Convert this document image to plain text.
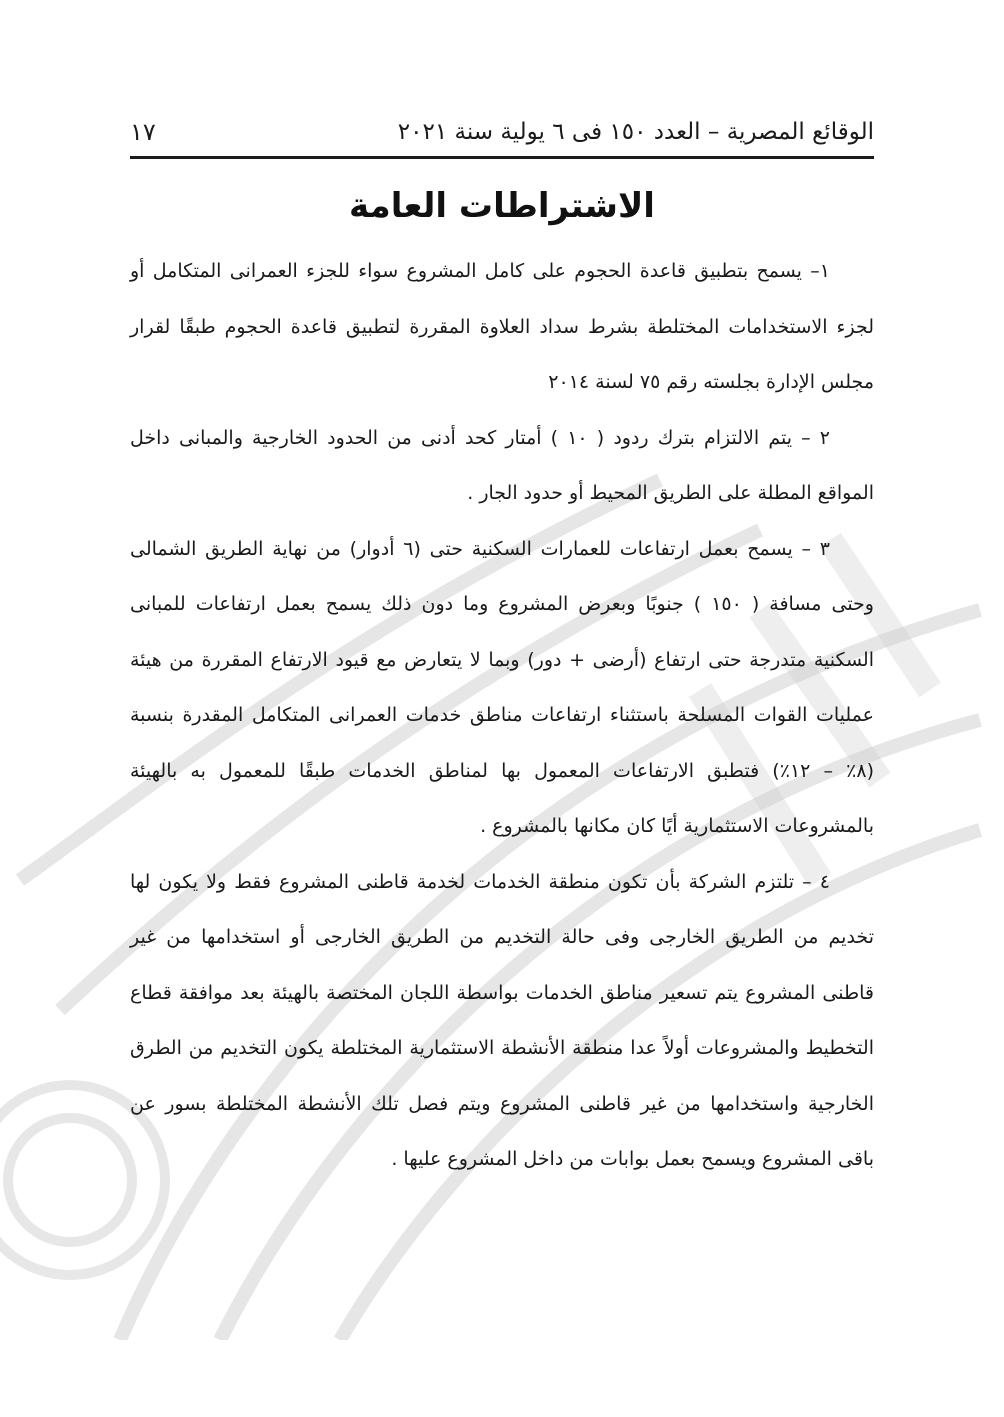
الوقائع المصرية – العدد ١٥٠ فى ٦ يولية سنة ٢٠٢١
١٧
الاشتراطات العامة

١– يسمح بتطبيق قاعدة الحجوم على كامل المشروع سواء للجزء العمرانى المتكامل أو لجزء الاستخدامات المختلطة بشرط سداد العلاوة المقررة لتطبيق قاعدة الحجوم طبقًا لقرار مجلس الإدارة بجلسته رقم ٧٥ لسنة ٢٠١٤

٢ – يتم الالتزام بترك ردود ( ١٠ ) أمتار كحد أدنى من الحدود الخارجية والمبانى داخل المواقع المطلة على الطريق المحيط أو حدود الجار .

٣ – يسمح بعمل ارتفاعات للعمارات السكنية حتى (٦ أدوار) من نهاية الطريق الشمالى وحتى مسافة ( ١٥٠ ) جنوبًا وبعرض المشروع وما دون ذلك يسمح بعمل ارتفاعات للمبانى السكنية متدرجة حتى ارتفاع (أرضى + دور) وبما لا يتعارض مع قيود الارتفاع المقررة من هيئة عمليات القوات المسلحة باستثناء ارتفاعات مناطق خدمات العمرانى المتكامل المقدرة بنسبة (٨٪ – ١٢٪) فتطبق الارتفاعات المعمول بها لمناطق الخدمات طبقًا للمعمول به بالهيئة بالمشروعات الاستثمارية أيًا كان مكانها بالمشروع .

٤ – تلتزم الشركة بأن تكون منطقة الخدمات لخدمة قاطنى المشروع فقط ولا يكون لها تخديم من الطريق الخارجى وفى حالة التخديم من الطريق الخارجى أو استخدامها من غير قاطنى المشروع يتم تسعير مناطق الخدمات بواسطة اللجان المختصة بالهيئة بعد موافقة قطاع التخطيط والمشروعات أولاً عدا منطقة الأنشطة الاستثمارية المختلطة يكون التخديم من الطرق الخارجية واستخدامها من غير قاطنى المشروع ويتم فصل تلك الأنشطة المختلطة بسور عن باقى المشروع ويسمح بعمل بوابات من داخل المشروع عليها .
